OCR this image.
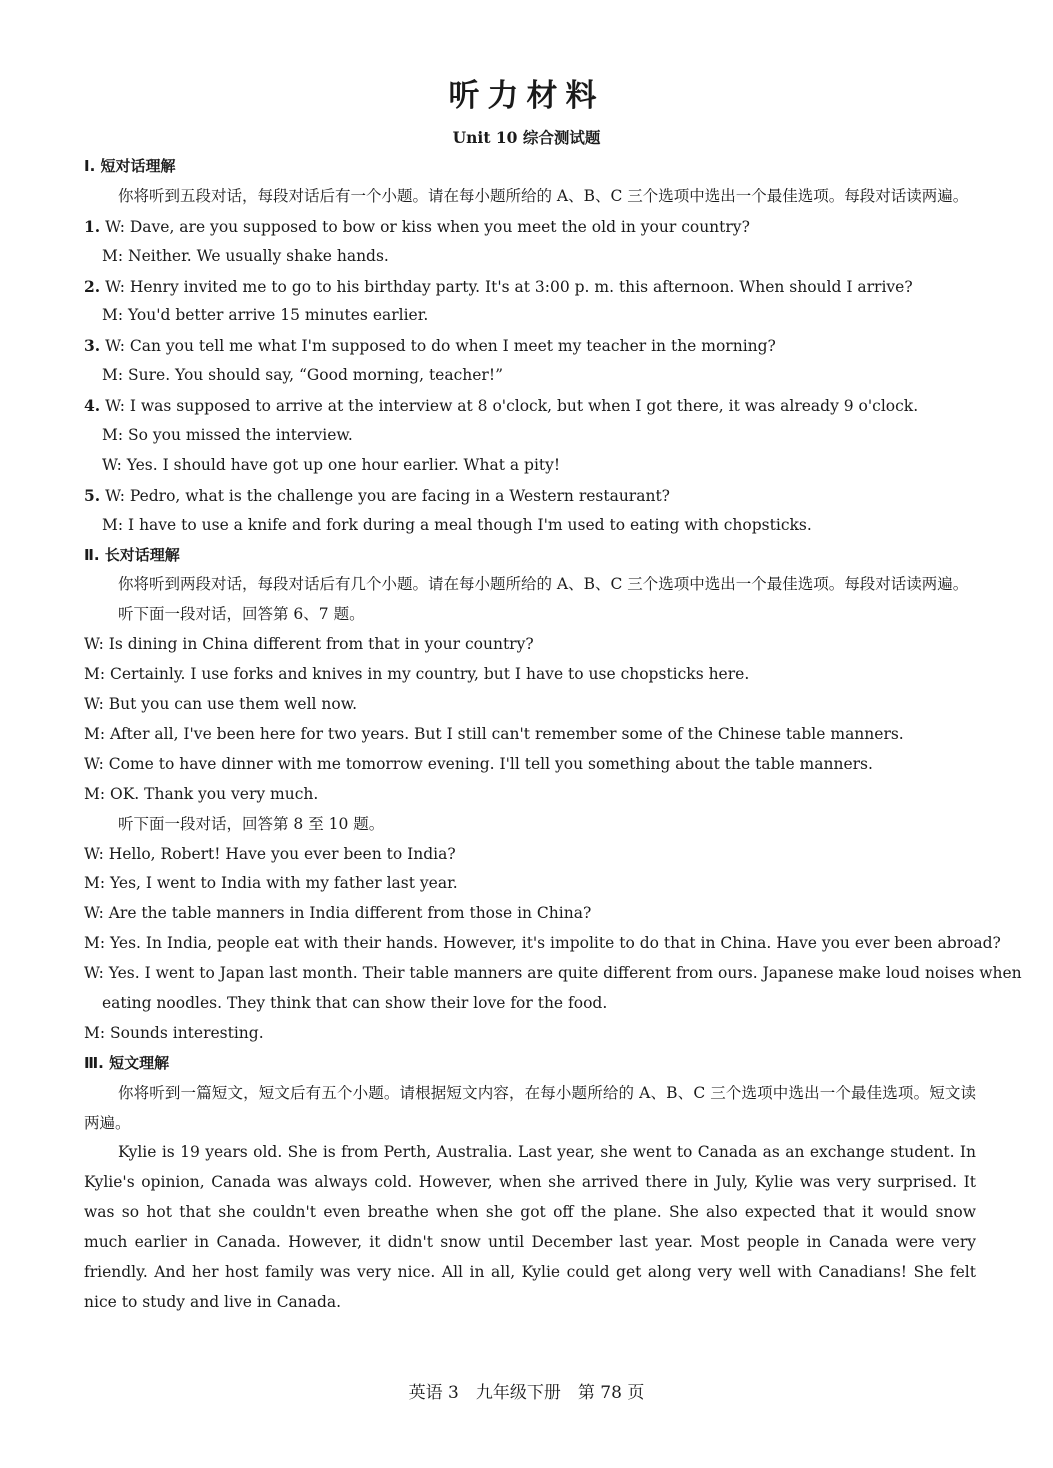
听力材料
Unit 10 综合测试题
Ⅰ. 短对话理解
你将听到五段对话，每段对话后有一个小题。请在每小题所给的 A、B、C 三个选项中选出一个最佳选项。每段对话读两遍。
1. W: Dave, are you supposed to bow or kiss when you meet the old in your country?
M: Neither. We usually shake hands.
2. W: Henry invited me to go to his birthday party. It's at 3:00 p. m. this afternoon. When should I arrive?
M: You'd better arrive 15 minutes earlier.
3. W: Can you tell me what I'm supposed to do when I meet my teacher in the morning?
M: Sure. You should say, “Good morning, teacher!”
4. W: I was supposed to arrive at the interview at 8 o'clock, but when I got there, it was already 9 o'clock.
M: So you missed the interview.
W: Yes. I should have got up one hour earlier. What a pity!
5. W: Pedro, what is the challenge you are facing in a Western restaurant?
M: I have to use a knife and fork during a meal though I'm used to eating with chopsticks.
Ⅱ. 长对话理解
你将听到两段对话，每段对话后有几个小题。请在每小题所给的 A、B、C 三个选项中选出一个最佳选项。每段对话读两遍。
听下面一段对话，回答第 6、7 题。
W: Is dining in China different from that in your country?
M: Certainly. I use forks and knives in my country, but I have to use chopsticks here.
W: But you can use them well now.
M: After all, I've been here for two years. But I still can't remember some of the Chinese table manners.
W: Come to have dinner with me tomorrow evening. I'll tell you something about the table manners.
M: OK. Thank you very much.
听下面一段对话，回答第 8 至 10 题。
W: Hello, Robert! Have you ever been to India?
M: Yes, I went to India with my father last year.
W: Are the table manners in India different from those in China?
M: Yes. In India, people eat with their hands. However, it's impolite to do that in China. Have you ever been abroad?
W: Yes. I went to Japan last month. Their table manners are quite different from ours. Japanese make loud noises when
eating noodles. They think that can show their love for the food.
M: Sounds interesting.
Ⅲ. 短文理解
你将听到一篇短文，短文后有五个小题。请根据短文内容，在每小题所给的 A、B、C 三个选项中选出一个最佳选项。短文读两遍。
Kylie is 19 years old. She is from Perth, Australia. Last year, she went to Canada as an exchange student. In Kylie's opinion, Canada was always cold. However, when she arrived there in July, Kylie was very surprised. It was so hot that she couldn't even breathe when she got off the plane. She also expected that it would snow much earlier in Canada. However, it didn't snow until December last year. Most people in Canada were very friendly. And her host family was very nice. All in all, Kylie could get along very well with Canadians! She felt nice to study and live in Canada.
英语 3　九年级下册　第 78 页
